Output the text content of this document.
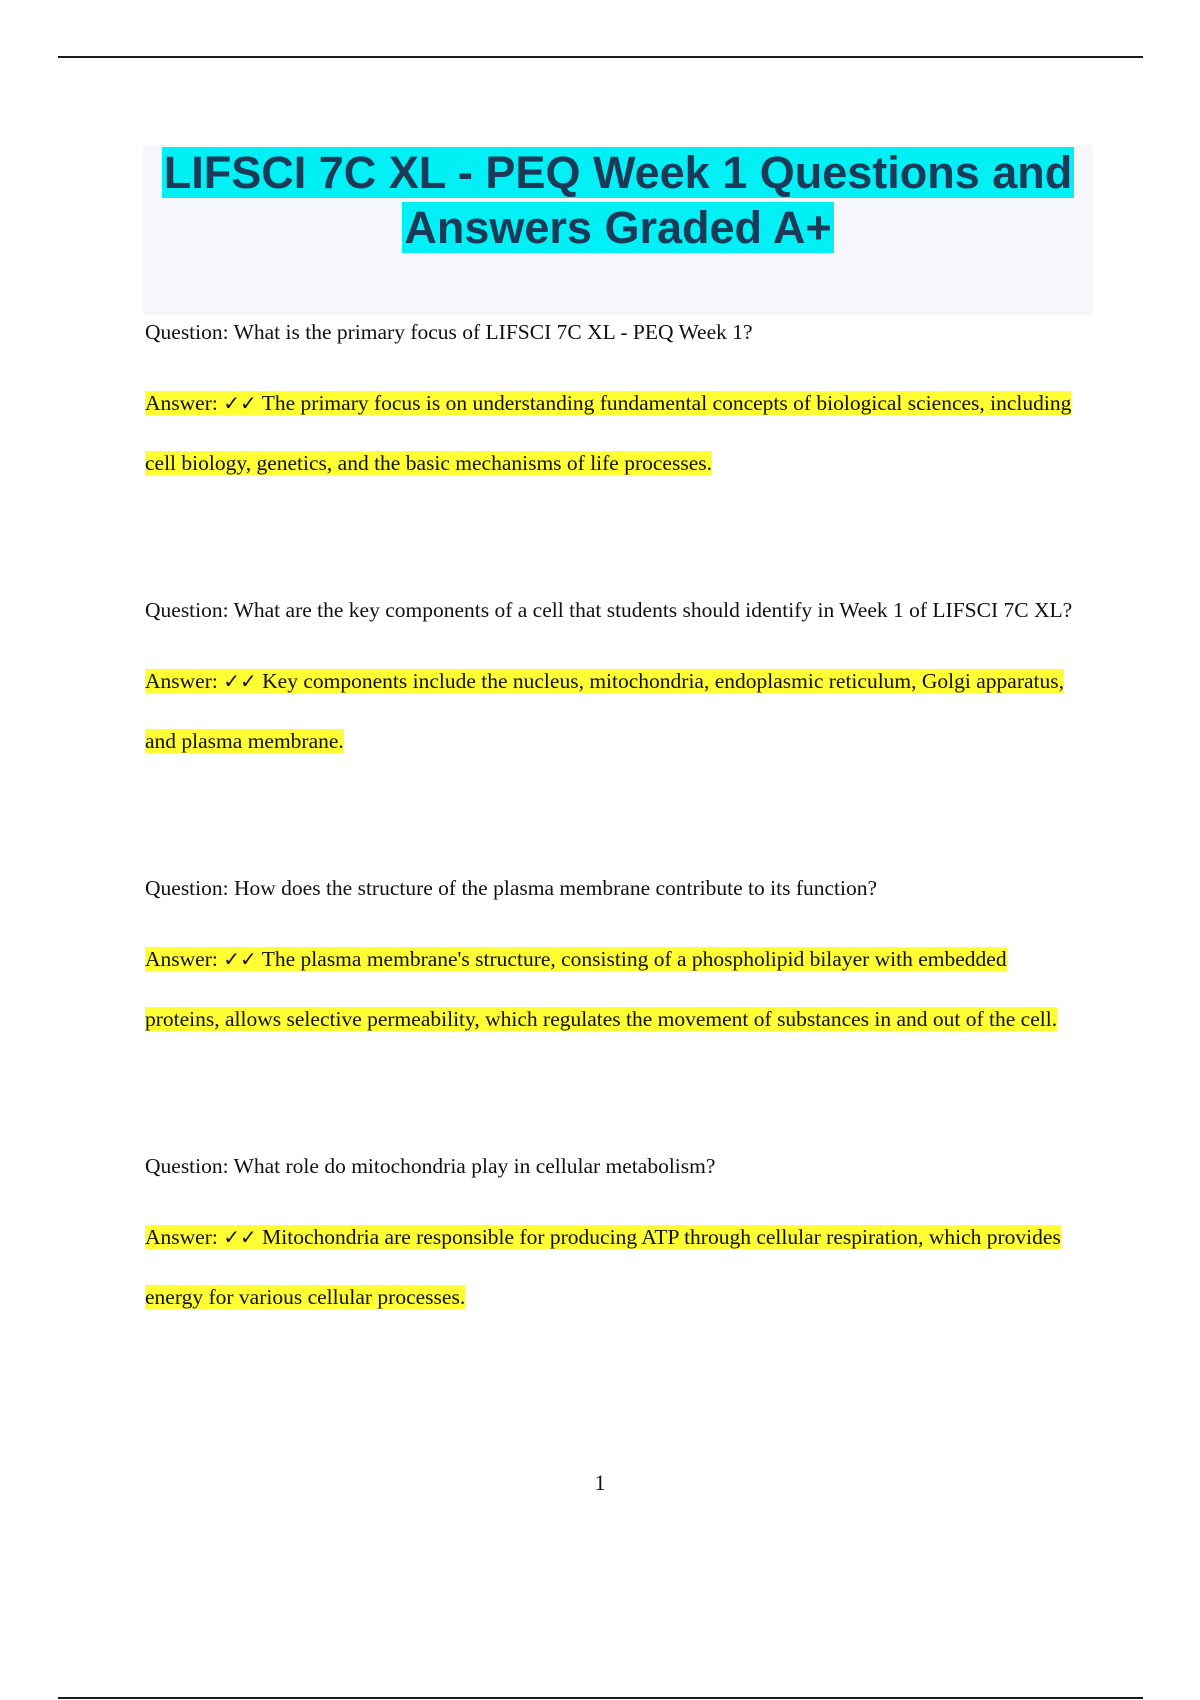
LIFSCI 7C XL - PEQ Week 1 Questions and Answers Graded A+

Question: What is the primary focus of LIFSCI 7C XL - PEQ Week 1?

Answer: ✓✓ The primary focus is on understanding fundamental concepts of biological sciences, including cell biology, genetics, and the basic mechanisms of life processes.

Question: What are the key components of a cell that students should identify in Week 1 of LIFSCI 7C XL?

Answer: ✓✓ Key components include the nucleus, mitochondria, endoplasmic reticulum, Golgi apparatus, and plasma membrane.

Question: How does the structure of the plasma membrane contribute to its function?

Answer: ✓✓ The plasma membrane's structure, consisting of a phospholipid bilayer with embedded proteins, allows selective permeability, which regulates the movement of substances in and out of the cell.

Question: What role do mitochondria play in cellular metabolism?

Answer: ✓✓ Mitochondria are responsible for producing ATP through cellular respiration, which provides energy for various cellular processes.

1
